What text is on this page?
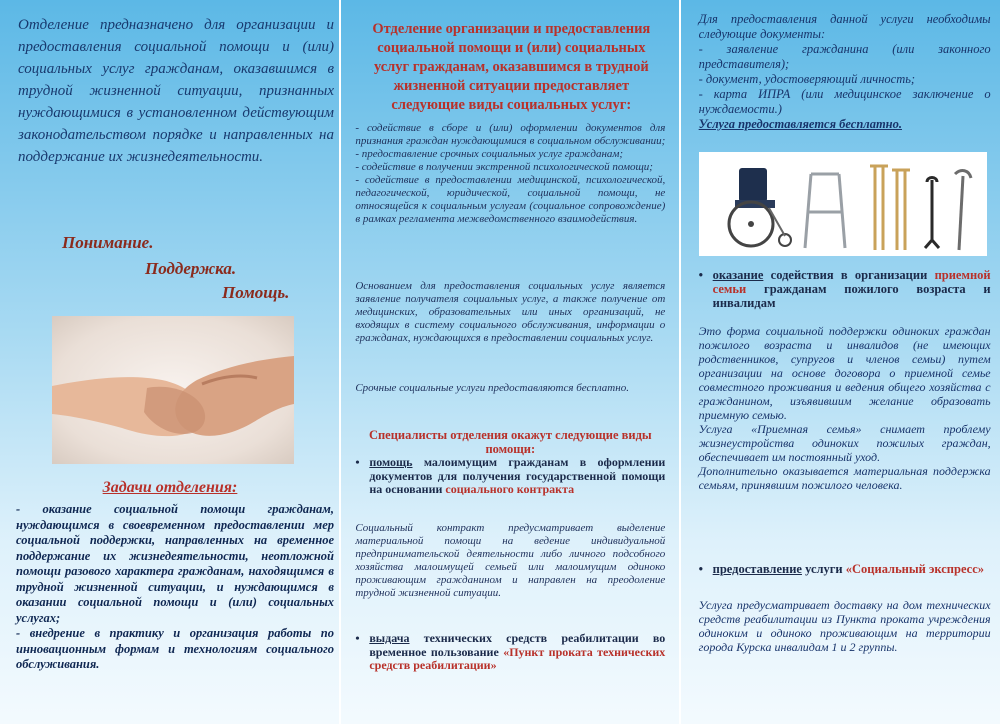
Отделение предназначено для организации и предоставления социальной помощи и (или) социальных услуг гражданам, оказавшимся в трудной жизненной ситуации, признанных нуждающимися в установленном действующим законодательством порядке и направленных на поддержание их жизнедеятельности.

Понимание.
Поддержка.
Помощь.
Задачи отделения:

- оказание социальной помощи гражданам, нуждающимся в своевременном предоставлении мер социальной поддержки, направленных на временное поддержание их жизнедеятельности, неотложной помощи разового характера гражданам, находящимся в трудной жизненной ситуации, и нуждающимся в оказании социальной помощи и (или) социальных услугах;

- внедрение в практику и организация работы по инновационным формам и технологиям социального обслуживания.

Отделение организации и предоставления социальной помощи и (или) социальных услуг гражданам, оказавшимся в трудной жизненной ситуации предоставляет следующие виды социальных услуг:

- содействие в сборе и (или) оформлении документов для признания граждан нуждающимися в социальном обслуживании; - предоставление срочных социальных услуг гражданам;

- содействие в получении экстренной психологической помощи;

- содействие в предоставлении медицинской, психологической, педагогической, юридической, социальной помощи, не относящейся к социальным услугам (социальное сопровождение) в рамках регламента межведомственного взаимодействия.

Основанием для предоставления социальных услуг является заявление получателя социальных услуг, а также получение от медицинских, образовательных или иных организаций, не входящих в систему социального обслуживания, информации о гражданах, нуждающихся в предоставлении социальных услуг.

Срочные социальные услуги предоставляются бесплатно.

Специалисты отделения окажут следующие виды помощи:
• помощь малоимущим гражданам в оформлении документов для получения государственной помощи на основании социального контракта

Социальный контракт предусматривает выделение материальной помощи на ведение индивидуальной предпринимательской деятельности либо личного подсобного хозяйства малоимущей семьей или малоимущим одиноко проживающим гражданином и направлен на преодоление трудной жизненной ситуации.

• выдача технических средств реабилитации во временное пользование «Пункт проката технических средств реабилитации»

Для предоставления данной услуги необходимы следующие документы:

- заявление гражданина (или законного представителя);

- документ, удостоверяющий личность;

- карта ИПРА (или медицинское заключение о нуждаемости.)

Услуга предоставляется бесплатно.

• оказание содействия в организации приемной семьи гражданам пожилого возраста и инвалидам

Это форма социальной поддержки одиноких граждан пожилого возраста и инвалидов (не имеющих родственников, супругов и членов семьи) путем организации на основе договора о приемной семье совместного проживания и ведения общего хозяйства с гражданином, изъявившим желание образовать приемную семью.

Услуга «Приемная семья» снимает проблему жизнеустройства одиноких пожилых граждан, обеспечивает им постоянный уход.

Дополнительно оказывается материальная поддержка семьям, принявшим пожилого человека.

• предоставление услуги «Социальный экспресс»

Услуга предусматривает доставку на дом технических средств реабилитации из Пункта проката учреждения одиноким и одиноко проживающим на территории города Курска инвалидам 1 и 2 группы.
